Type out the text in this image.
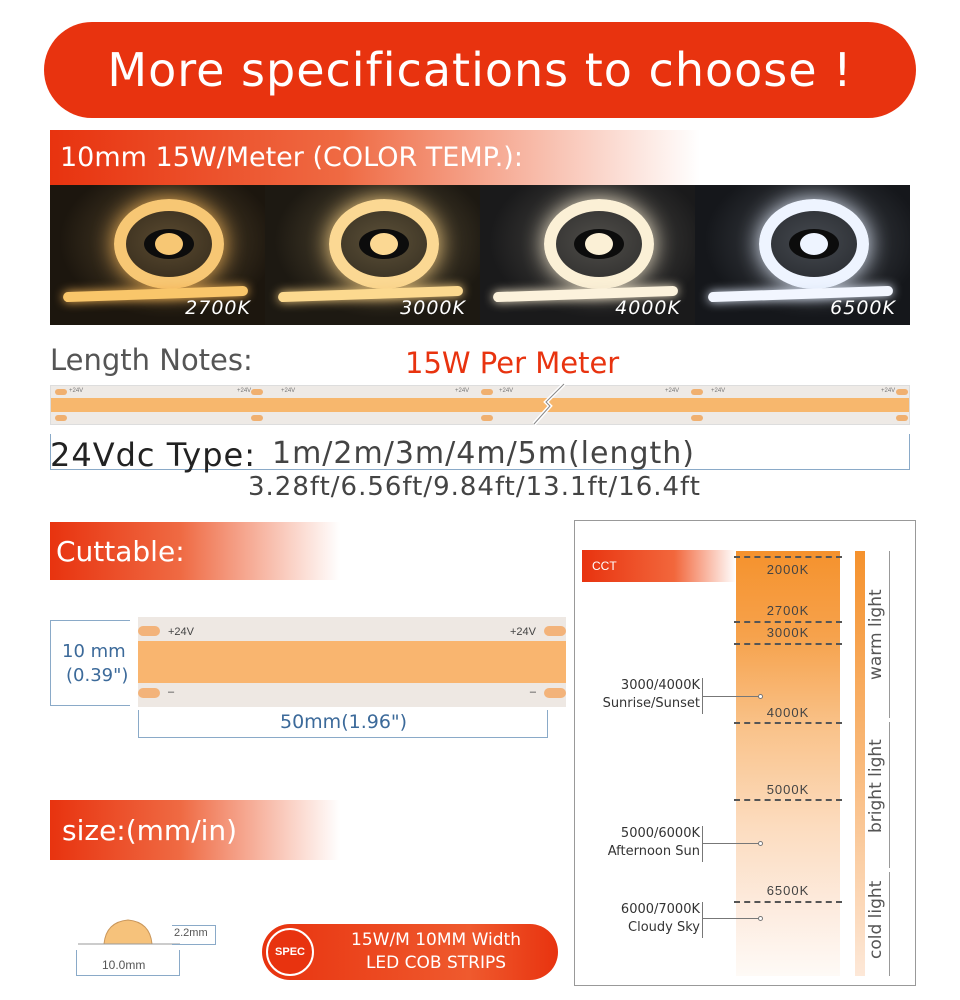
More specifications to choose !
10mm 15W/Meter (COLOR TEMP.):
2700K	3000K	4000K	6500K
Length Notes:	15W Per Meter
+24V	+24V	+24V	+24V	+24V	+24V	+24V	+24V
24Vdc Type: 1m/2m/3m/4m/5m(length)
3.28ft/6.56ft/9.84ft/13.1ft/16.4ft
Cuttable:
10 mm
(0.39")
+24V	+24V
–	–
50mm(1.96")
size:(mm/in)
2.2mm
10.0mm
SPEC
15W/M 10MM Width
LED COB STRIPS
CCT	2000K
2700K
3000K
4000K
5000K
6500K
3000/4000K
Sunrise/Sunset
5000/6000K
Afternoon Sun
6000/7000K
Cloudy Sky
warm light
bright light
cold light
